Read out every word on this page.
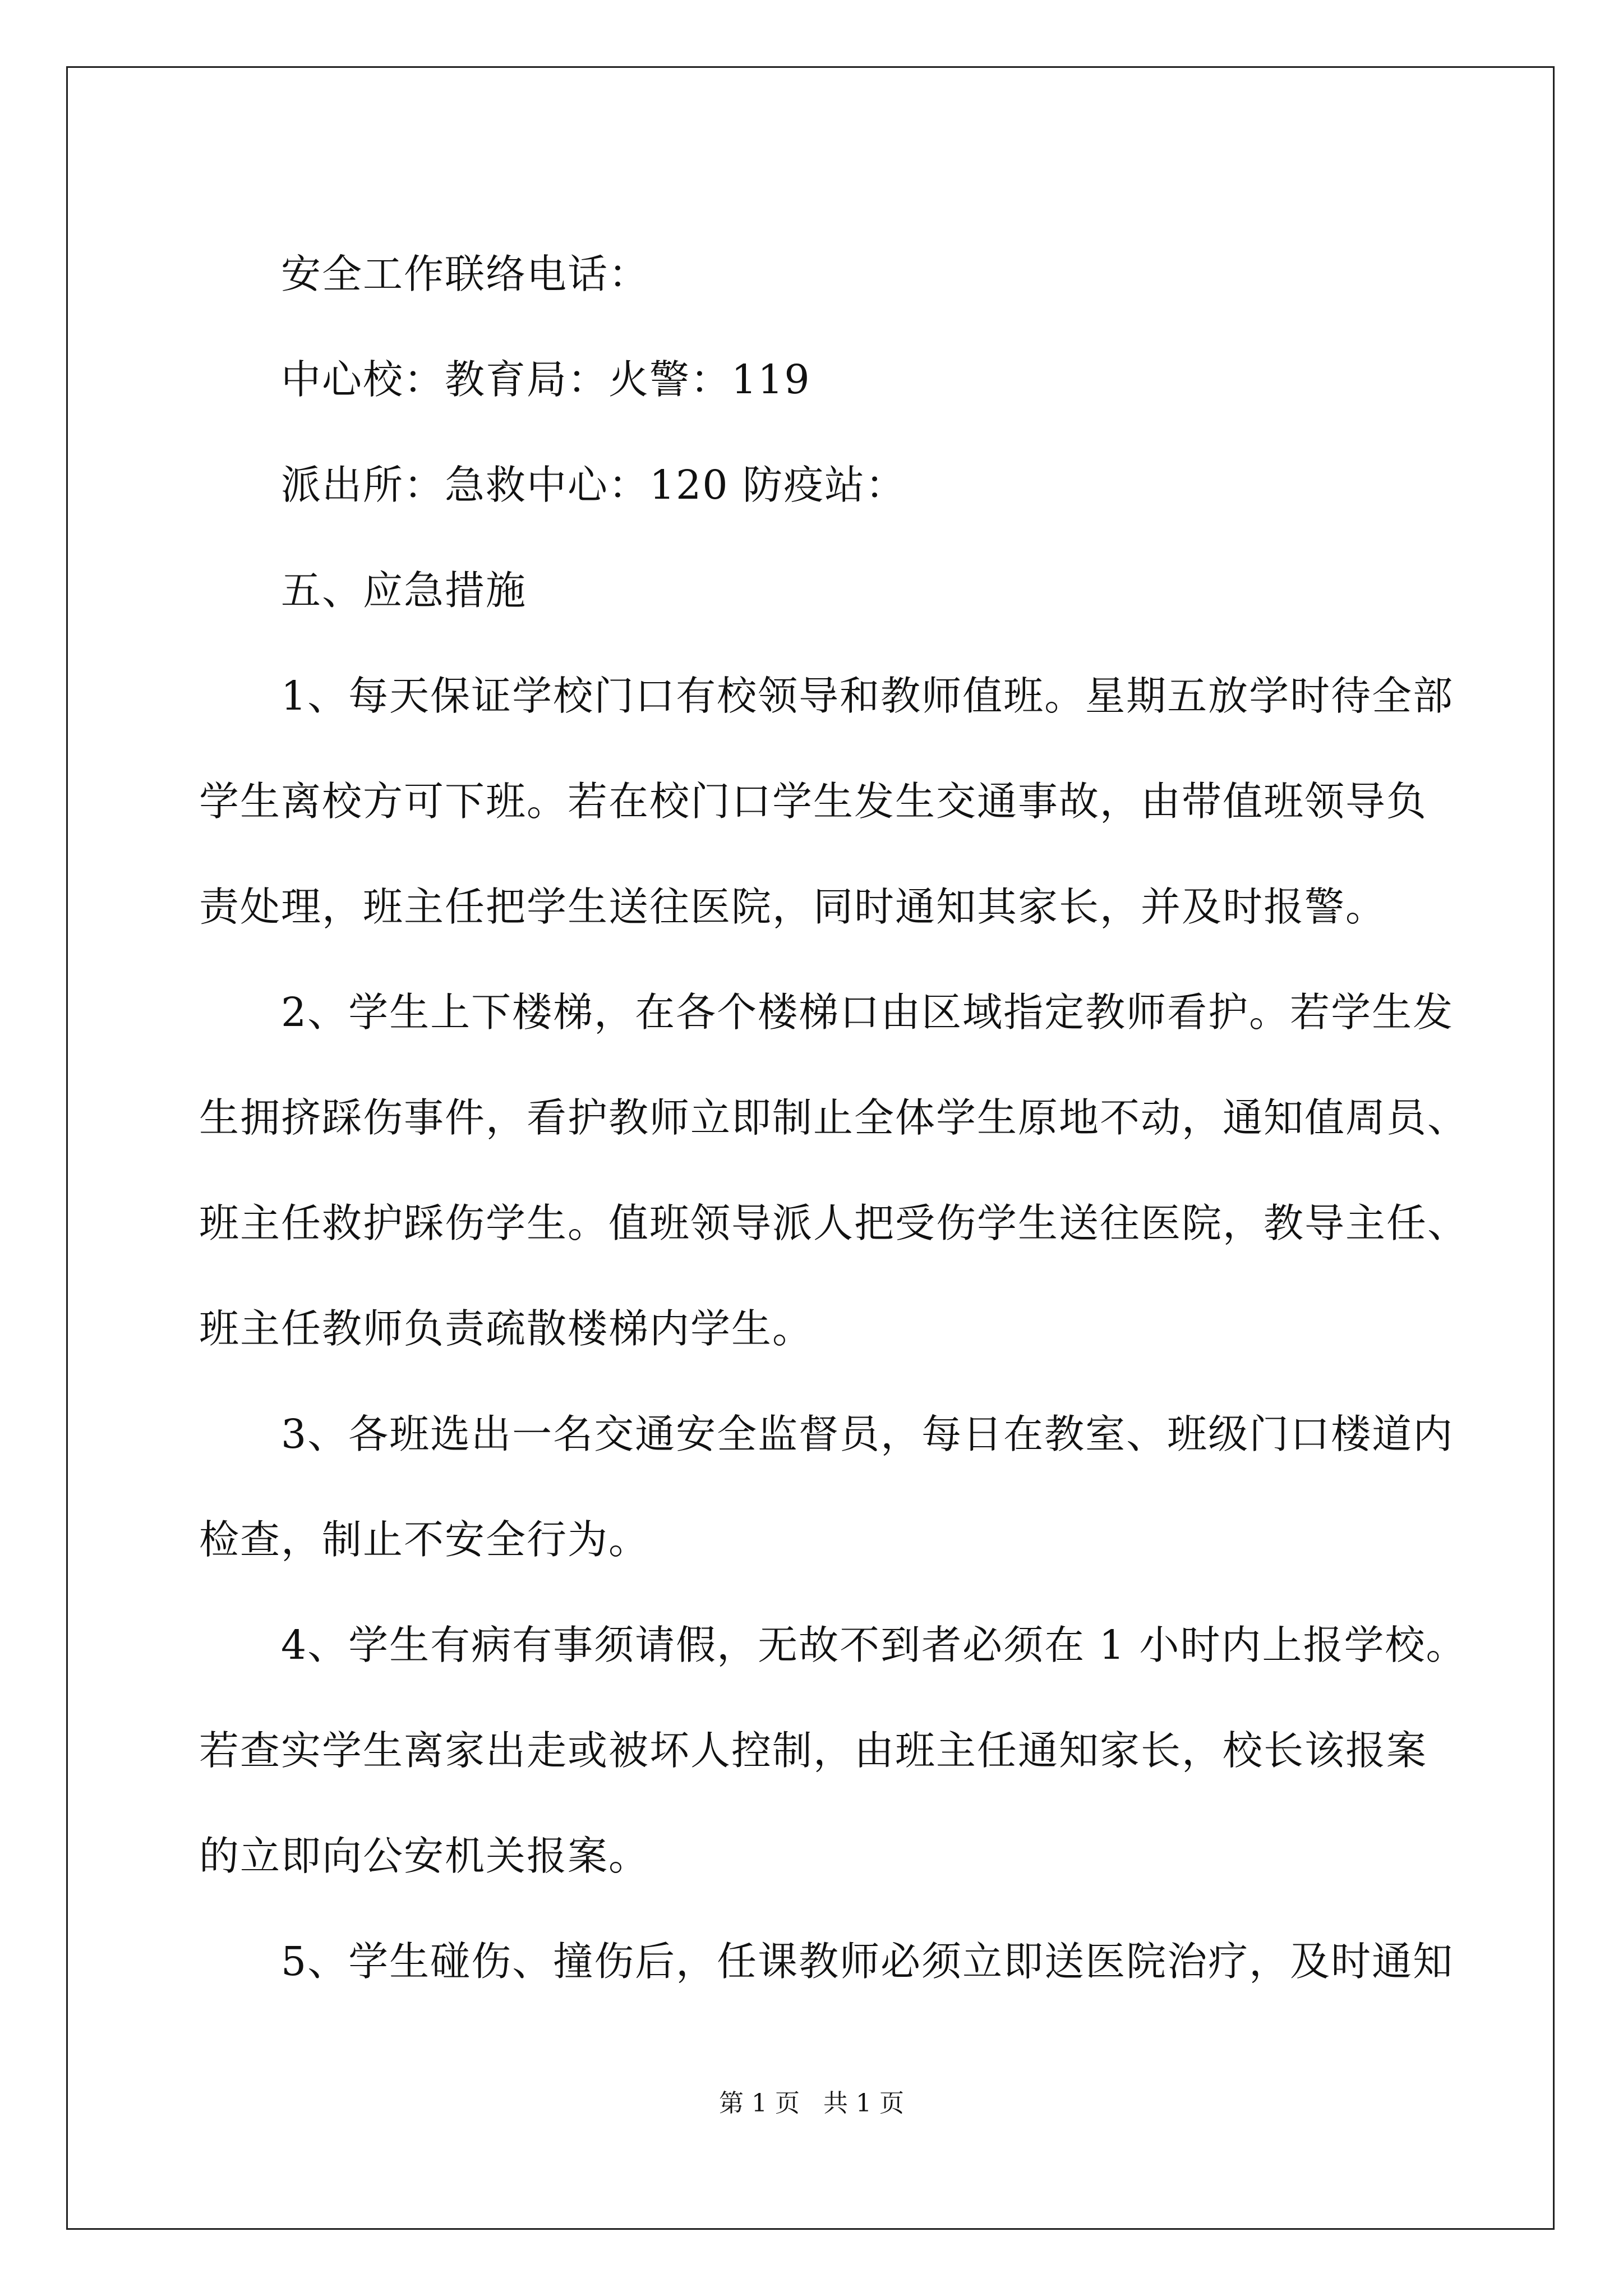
安全工作联络电话：
中心校：教育局：火警：119
派出所：急救中心：120 防疫站：
五、应急措施
1、每天保证学校门口有校领导和教师值班。星期五放学时待全部
学生离校方可下班。若在校门口学生发生交通事故，由带值班领导负
责处理，班主任把学生送往医院，同时通知其家长，并及时报警。
2、学生上下楼梯，在各个楼梯口由区域指定教师看护。若学生发
生拥挤踩伤事件，看护教师立即制止全体学生原地不动，通知值周员、
班主任救护踩伤学生。值班领导派人把受伤学生送往医院，教导主任、
班主任教师负责疏散楼梯内学生。
3、各班选出一名交通安全监督员，每日在教室、班级门口楼道内
检查，制止不安全行为。
4、学生有病有事须请假，无故不到者必须在 1 小时内上报学校。
若查实学生离家出走或被坏人控制，由班主任通知家长，校长该报案
的立即向公安机关报案。
5、学生碰伤、撞伤后，任课教师必须立即送医院治疗，及时通知
第 1 页   共 1 页
